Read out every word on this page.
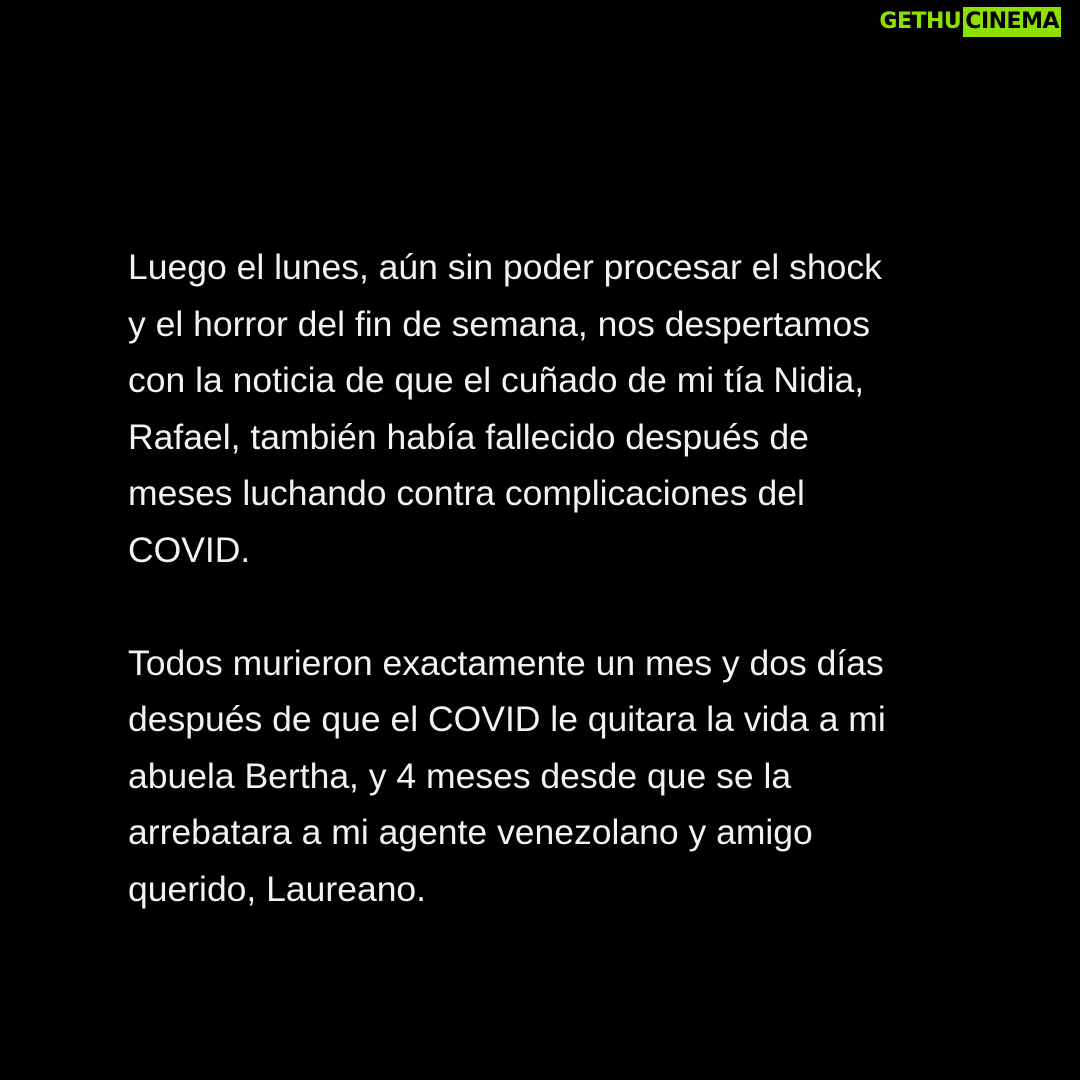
GETHU CINEMA
Luego el lunes, aún sin poder procesar el shock
y el horror del fin de semana, nos despertamos
con la noticia de que el cuñado de mi tía Nidia,
Rafael, también había fallecido después de
meses luchando contra complicaciones del
COVID.
Todos murieron exactamente un mes y dos días
después de que el COVID le quitara la vida a mi
abuela Bertha, y 4 meses desde que se la
arrebatara a mi agente venezolano y amigo
querido, Laureano.
